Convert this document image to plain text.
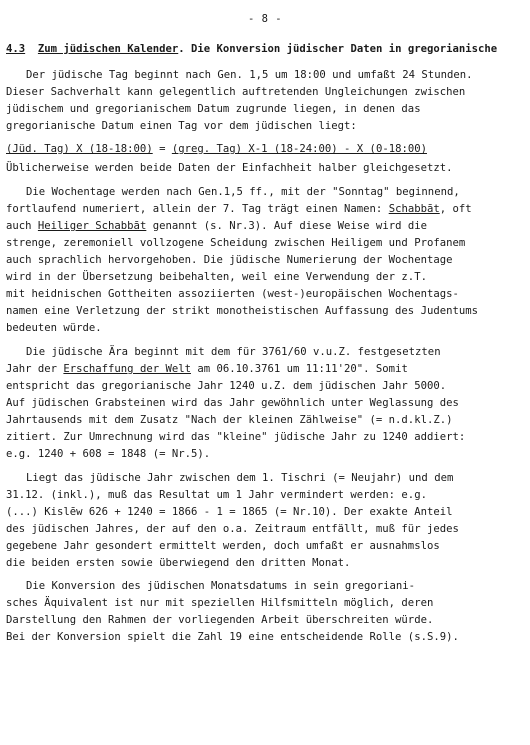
- 8 -
4.3 Zum jüdischen Kalender. Die Konversion jüdischer Daten in gregorianische
Der jüdische Tag beginnt nach Gen. 1,5 um 18:00 und umfaßt 24 Stunden.
Dieser Sachverhalt kann gelegentlich auftretenden Ungleichungen zwischen
jüdischem und gregorianischem Datum zugrunde liegen, in denen das
gregorianische Datum einen Tag vor dem jüdischen liegt:
(Jüd. Tag) X (18-18:00) = (greg. Tag) X-1 (18-24:00) - X (0-18:00)
Üblicherweise werden beide Daten der Einfachheit halber gleichgesetzt.
Die Wochentage werden nach Gen.1,5 ff., mit der "Sonntag" beginnend,
fortlaufend numeriert, allein der 7. Tag trägt einen Namen: Schabbāt, oft
auch Heiliger Schabbāt genannt (s. Nr.3). Auf diese Weise wird die
strenge, zeremoniell vollzogene Scheidung zwischen Heiligem und Profanem
auch sprachlich hervorgehoben. Die jüdische Numerierung der Wochentage
wird in der Übersetzung beibehalten, weil eine Verwendung der z.T.
mit heidnischen Gottheiten assoziierten (west-)europäischen Wochentags-
namen eine Verletzung der strikt monotheistischen Auffassung des Judentums
bedeuten würde.
Die jüdische Ära beginnt mit dem für 3761/60 v.u.Z. festgesetzten
Jahr der Erschaffung der Welt am 06.10.3761 um 11:11'20". Somit
entspricht das gregorianische Jahr 1240 u.Z. dem jüdischen Jahr 5000.
Auf jüdischen Grabsteinen wird das Jahr gewöhnlich unter Weglassung des
Jahrtausends mit dem Zusatz "Nach der kleinen Zählweise" (= n.d.kl.Z.)
zitiert. Zur Umrechnung wird das "kleine" jüdische Jahr zu 1240 addiert:
e.g. 1240 + 608 = 1848 (= Nr.5).
Liegt das jüdische Jahr zwischen dem 1. Tischri (= Neujahr) und dem
31.12. (inkl.), muß das Resultat um 1 Jahr vermindert werden: e.g.
(...) Kislēw 626 + 1240 = 1866 - 1 = 1865 (= Nr.10). Der exakte Anteil
des jüdischen Jahres, der auf den o.a. Zeitraum entfällt, muß für jedes
gegebene Jahr gesondert ermittelt werden, doch umfaßt er ausnahmslos
die beiden ersten sowie überwiegend den dritten Monat.
Die Konversion des jüdischen Monatsdatums in sein gregoriani-
sches Äquivalent ist nur mit speziellen Hilfsmitteln möglich, deren
Darstellung den Rahmen der vorliegenden Arbeit überschreiten würde.
Bei der Konversion spielt die Zahl 19 eine entscheidende Rolle (s.S.9).
